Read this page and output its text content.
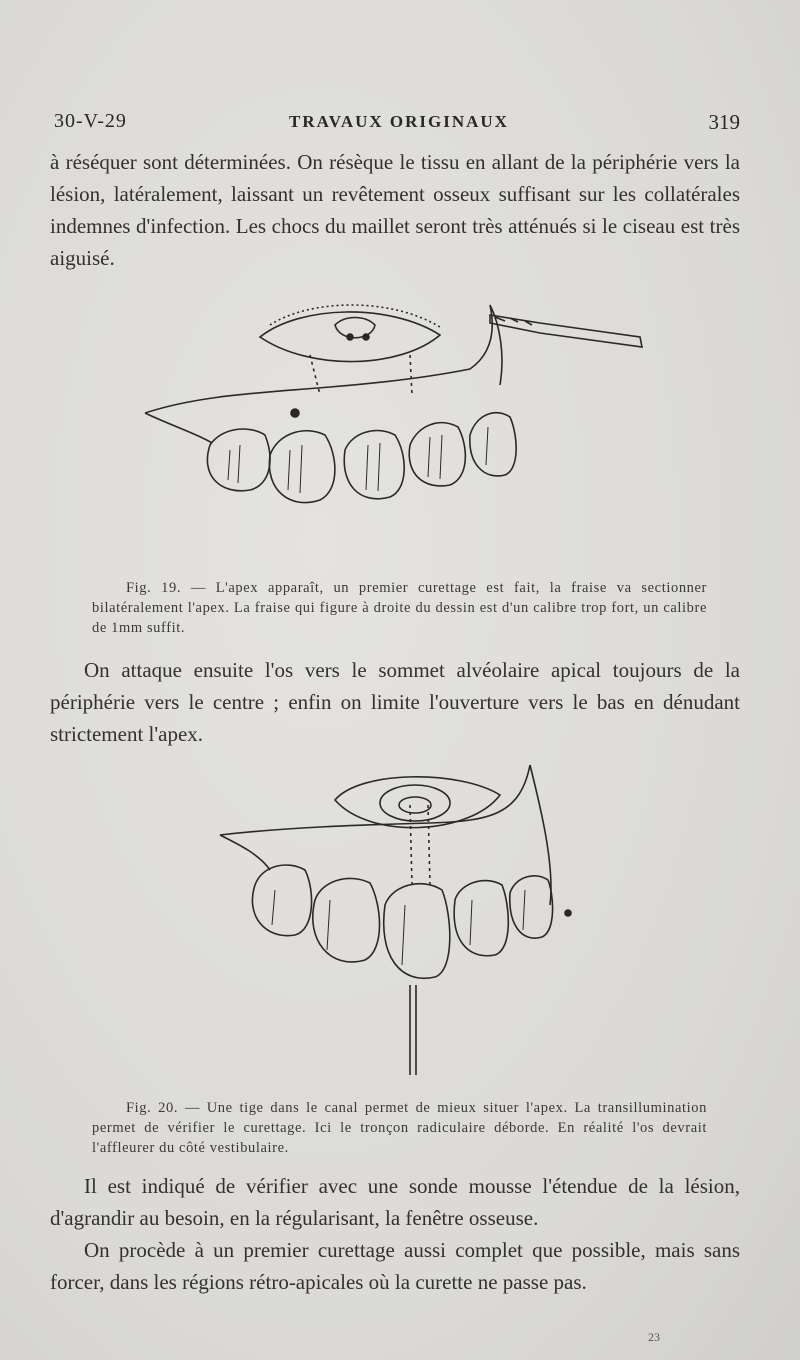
30-V-29	TRAVAUX ORIGINAUX	319

à réséquer sont déterminées. On résèque le tissu en allant de la périphérie vers la lésion, latéralement, laissant un revêtement osseux suffisant sur les collatérales indemnes d'infection. Les chocs du maillet seront très atténués si le ciseau est très aiguisé.

Fig. 19. — L'apex apparaît, un premier curettage est fait, la fraise va sectionner bilatéralement l'apex. La fraise qui figure à droite du dessin est d'un calibre trop fort, un calibre de 1mm suffit.

On attaque ensuite l'os vers le sommet alvéolaire apical toujours de la périphérie vers le centre ; enfin on limite l'ouverture vers le bas en dénudant strictement l'apex.

Fig. 20. — Une tige dans le canal permet de mieux situer l'apex. La transillumination permet de vérifier le curettage. Ici le tronçon radiculaire déborde. En réalité l'os devrait l'affleurer du côté vestibulaire.

Il est indiqué de vérifier avec une sonde mousse l'étendue de la lésion, d'agrandir au besoin, en la régularisant, la fenêtre osseuse.

On procède à un premier curettage aussi complet que possible, mais sans forcer, dans les régions rétro-apicales où la curette ne passe pas.

23
